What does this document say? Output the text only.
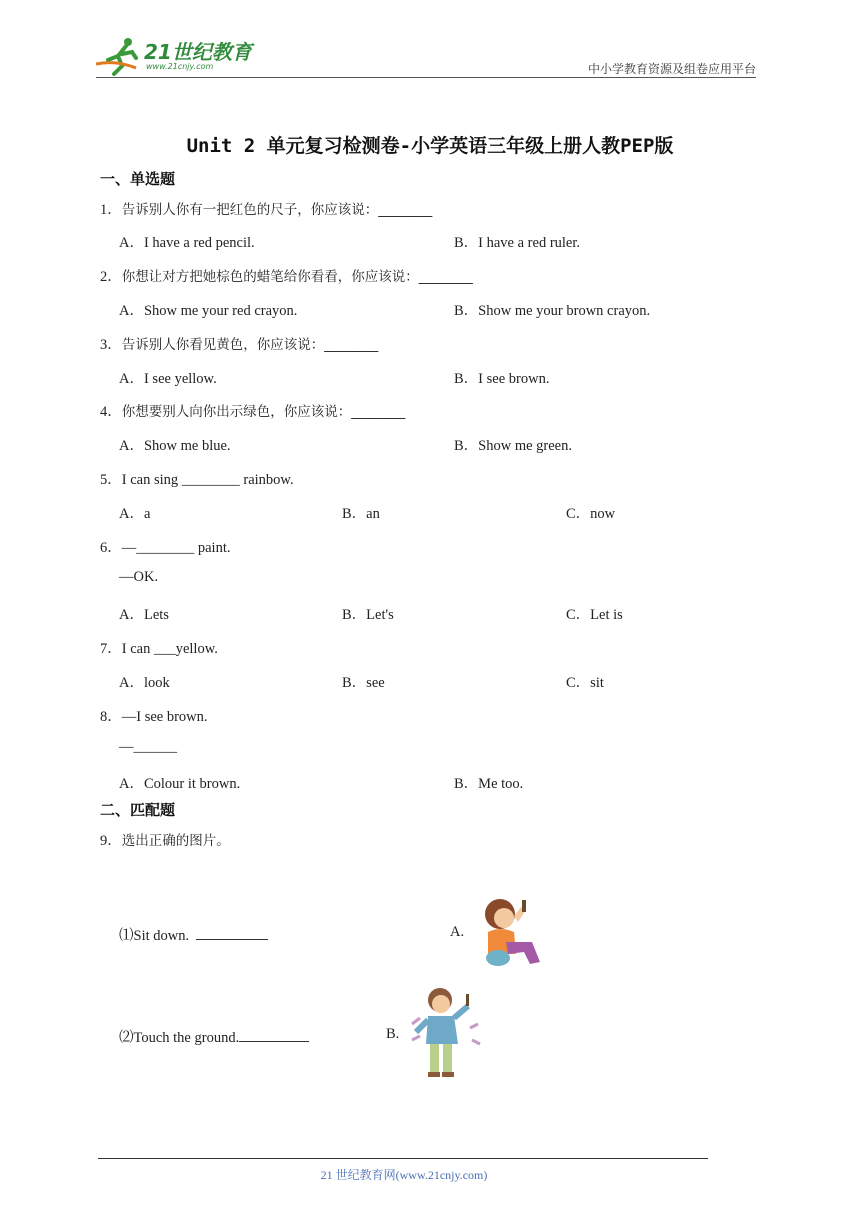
21世纪教育
www.21cnjy.com	中小学教育资源及组卷应用平台
Unit 2 单元复习检测卷-小学英语三年级上册人教PEP版
一、单选题
1．告诉别人你有一把红色的尺子，你应该说：________
A．I have a red pencil.	B．I have a red ruler.
2．你想让对方把她棕色的蜡笔给你看看，你应该说：________
A．Show me your red crayon.	B．Show me your brown crayon.
3．告诉别人你看见黄色，你应该说：________
A．I see yellow.	B．I see brown.
4．你想要别人向你出示绿色，你应该说：________
A．Show me blue.	B．Show me green.
5．I can sing ________ rainbow.
A．a	B．an	C．now
6．—________ paint.
—OK.
A．Lets	B．Let's	C．Let is
7．I can ___yellow.
A．look	B．see	C．sit
8．—I see brown.
—______
A．Colour it brown.	B．Me too.
二、匹配题
9．选出正确的图片。
⑴Sit down.	A.
⑵Touch the ground.	B.
21 世纪教育网(www.21cnjy.com)
